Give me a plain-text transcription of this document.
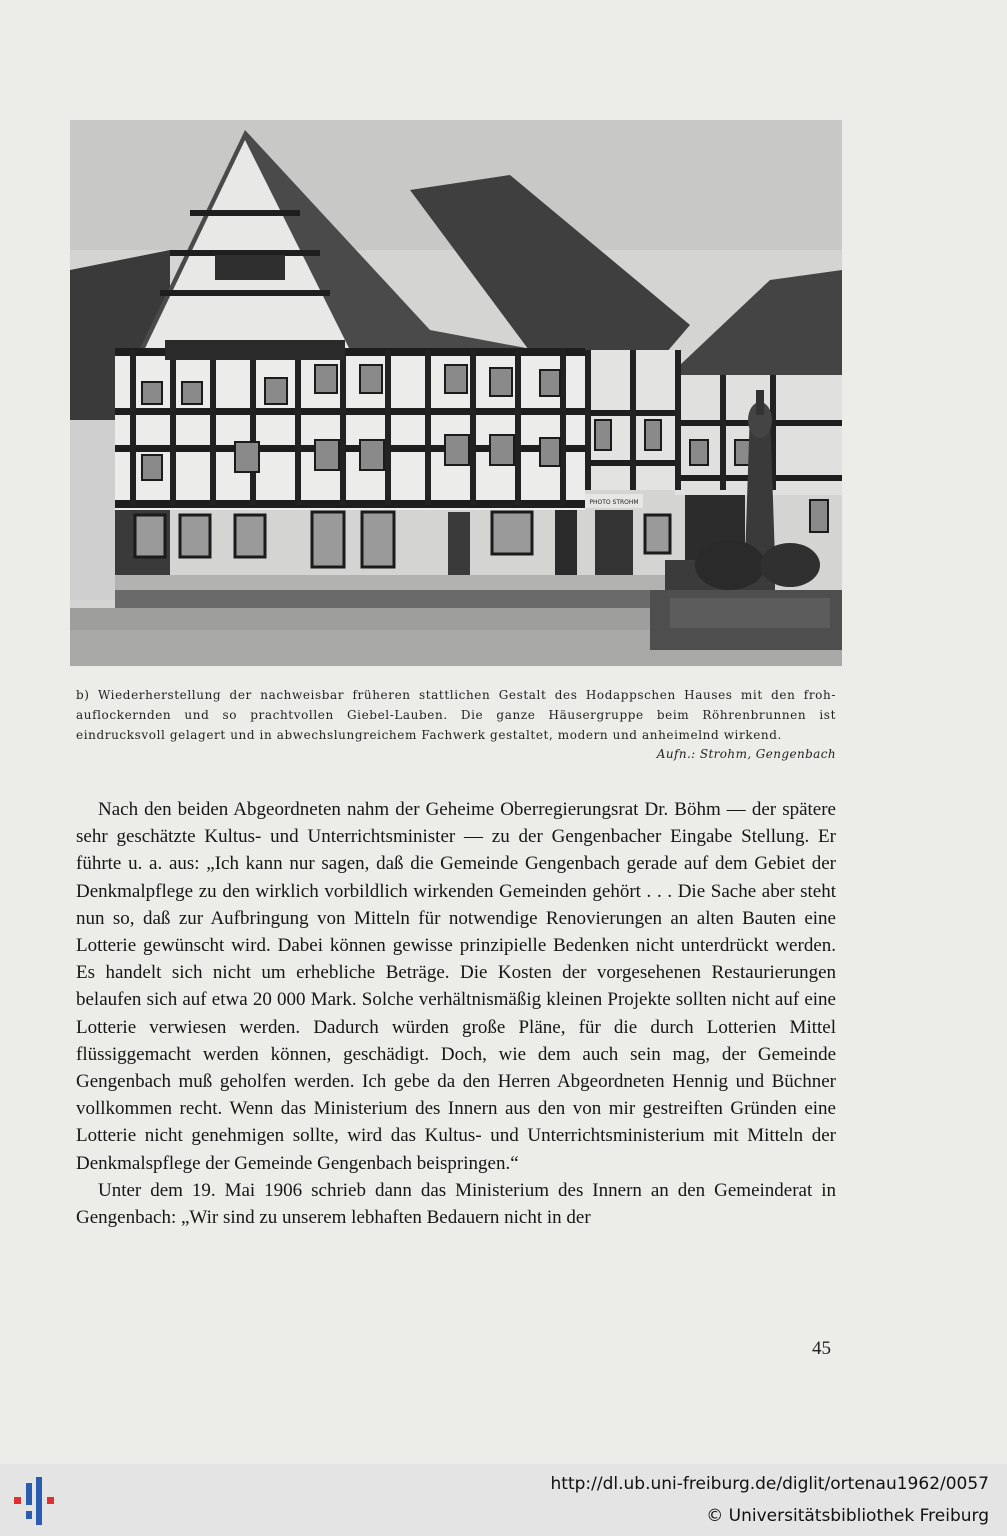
PHOTO STROHM
b) Wiederherstellung der nachweisbar früheren stattlichen Gestalt des Hodappschen Hauses mit den froh-auflockernden und so prachtvollen Giebel-Lauben. Die ganze Häusergruppe beim Röhrenbrunnen ist eindrucksvoll gelagert und in abwechslungreichem Fachwerk gestaltet, modern und anheimelnd wirkend.
Aufn.: Strohm, Gengenbach

Nach den beiden Abgeordneten nahm der Geheime Oberregierungsrat Dr. Böhm — der spätere sehr geschätzte Kultus- und Unterrichtsminister — zu der Gengenbacher Eingabe Stellung. Er führte u. a. aus: „Ich kann nur sagen, daß die Gemeinde Gengenbach gerade auf dem Gebiet der Denkmalpflege zu den wirklich vorbildlich wirkenden Gemeinden gehört . . . Die Sache aber steht nun so, daß zur Aufbringung von Mitteln für notwendige Renovierungen an alten Bauten eine Lotterie gewünscht wird. Dabei können gewisse prinzipielle Bedenken nicht unterdrückt werden. Es handelt sich nicht um erhebliche Beträge. Die Kosten der vorgesehenen Restaurierungen belaufen sich auf etwa 20 000 Mark. Solche verhältnismäßig kleinen Projekte sollten nicht auf eine Lotterie verwiesen werden. Dadurch würden große Pläne, für die durch Lotterien Mittel flüssiggemacht werden können, geschädigt. Doch, wie dem auch sein mag, der Gemeinde Gengenbach muß geholfen werden. Ich gebe da den Herren Abgeordneten Hennig und Büchner vollkommen recht. Wenn das Ministerium des Innern aus den von mir gestreiften Gründen eine Lotterie nicht genehmigen sollte, wird das Kultus- und Unterrichtsministerium mit Mitteln der Denkmalspflege der Gemeinde Gengenbach beispringen.“

Unter dem 19. Mai 1906 schrieb dann das Ministerium des Innern an den Gemeinderat in Gengenbach: „Wir sind zu unserem lebhaften Bedauern nicht in der

45
http://dl.ub.uni-freiburg.de/diglit/ortenau1962/0057
© Universitätsbibliothek Freiburg
